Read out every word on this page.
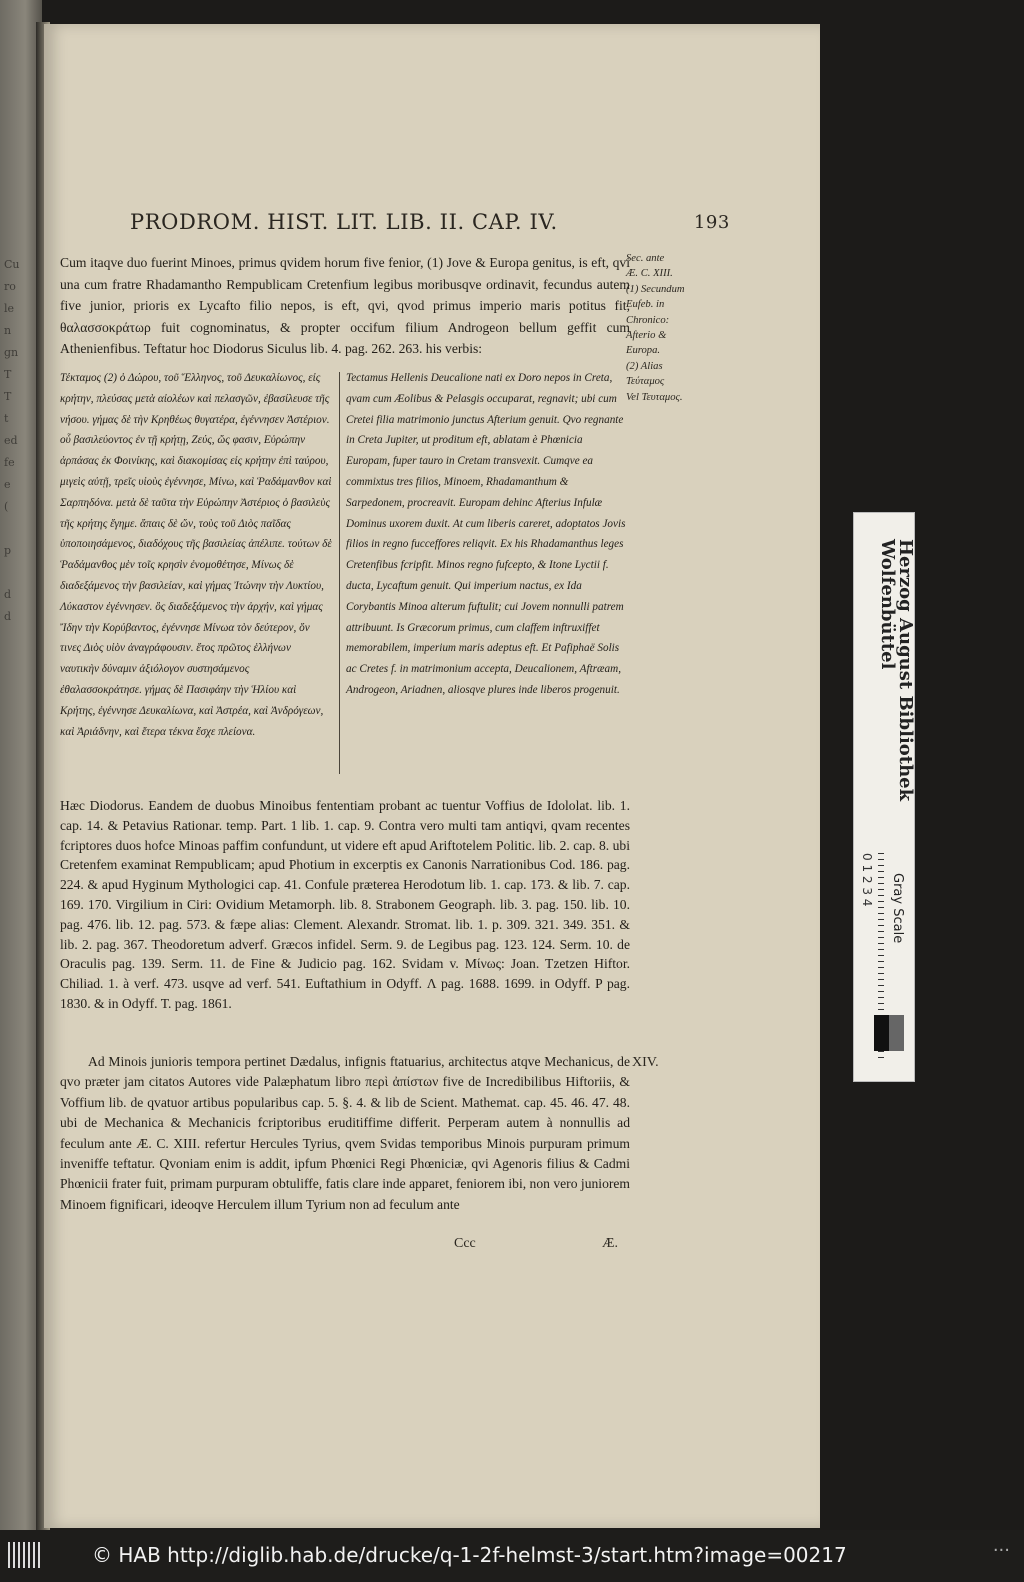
Cu
ro
le
n
gn
T
T
t
ed
fe
e
(
p
d
d
PRODROM. HIST. LIT. LIB. II. CAP. IV.	193
Cum itaqve duo fuerint Minoes, primus qvidem horum five fenior, (1) Jove & Europa genitus, is eft, qvi una cum fratre Rhadamantho Rempublicam Cretenfium legibus moribusqve ordinavit, fecundus autem five junior, prioris ex Lycafto filio nepos, is eft, qvi, qvod primus imperio maris potitus fit, θαλασσοκράτωρ fuit cognominatus, & propter occifum filium Androgeon bellum geffit cum Athenienfibus. Teftatur hoc Diodorus Siculus lib. 4. pag. 262. 263. his verbis:
Τέκταμος (2) ὁ Δώρου, τοῦ Ἕλληνος, τοῦ Δευκαλίωνος, εἰς κρήτην, πλεύσας μετὰ αἰολέων καὶ πελασγῶν, ἐβασίλευσε τῆς νήσου. γήμας δὲ τὴν Κρηθέως θυγατέρα, ἐγέννησεν Ἀστέριον. οὗ βασιλεύοντος ἐν τῇ κρήτῃ, Ζεύς, ὥς φασιν, Εὐρώπην ἁρπάσας ἐκ Φοινίκης, καὶ διακομίσας εἰς κρήτην ἐπὶ ταύρου, μιγεὶς αὐτῇ, τρεῖς υἱοὺς ἐγέννησε, Μίνω, καὶ Ῥαδάμανθον καὶ Σαρπηδόνα. μετὰ δὲ ταῦτα τὴν Εὐρώπην Ἀστέριος ὁ βασιλεὺς τῆς κρήτης ἔγημε. ἄπαις δὲ ὤν, τοὺς τοῦ Διὸς παῖδας ὑποποιησάμενος, διαδόχους τῆς βασιλείας ἀπέλιπε. τούτων δὲ Ῥαδάμανθος μὲν τοῖς κρησὶν ἐνομοθέτησε, Μίνως δὲ διαδεξάμενος τὴν βασιλείαν, καὶ γήμας Ἰτώνην τὴν Λυκτίου, Λύκαστον ἐγέννησεν. ὃς διαδεξάμενος τὴν ἀρχήν, καὶ γήμας Ἴδην τὴν Κορύβαντος, ἐγέννησε Μίνωα τὸν δεύτερον, ὅν τινες Διὸς υἱὸν ἀναγράφουσιν. ἔτος πρῶτος ἑλλήνων ναυτικὴν δύναμιν ἀξιόλογον συστησάμενος ἐθαλασσοκράτησε. γήμας δὲ Πασιφάην τὴν Ἡλίου καὶ Κρήτης, ἐγέννησε Δευκαλίωνα, καὶ Ἀστρέα, καὶ Ἀνδρόγεων, καὶ Ἀριάδνην, καὶ ἕτερα τέκνα ἔσχε πλείονα.
Tectamus Hellenis Deucalione nati ex Doro nepos in Creta, qvam cum Æolibus & Pelasgis occuparat, regnavit; ubi cum Cretei filia matrimonio junctus Afterium genuit. Qvo regnante in Creta Jupiter, ut proditum eft, ablatam è Phœnicia Europam, fuper tauro in Cretam transvexit. Cumqve ea commixtus tres filios, Minoem, Rhadamanthum & Sarpedonem, procreavit. Europam dehinc Afterius Infulæ Dominus uxorem duxit. At cum liberis careret, adoptatos Jovis filios in regno fucceffores reliqvit. Ex his Rhadamanthus leges Cretenfibus fcripfit. Minos regno fufcepto, & Itone Lyctii f. ducta, Lycaftum genuit. Qui imperium nactus, ex Ida Corybantis Minoa alterum fuftulit; cui Jovem nonnulli patrem attribuunt. Is Græcorum primus, cum claffem inftruxiffet memorabilem, imperium maris adeptus eft. Et Pafiphaë Solis ac Cretes f. in matrimonium accepta, Deucalionem, Aftræam, Androgeon, Ariadnen, aliosqve plures inde liberos progenuit.
Hæc Diodorus. Eandem de duobus Minoibus fententiam probant ac tuentur Voffius de Idololat. lib. 1. cap. 14. & Petavius Rationar. temp. Part. 1 lib. 1. cap. 9. Contra vero multi tam antiqvi, qvam recentes fcriptores duos hofce Minoas paffim confundunt, ut videre eft apud Ariftotelem Politic. lib. 2. cap. 8. ubi Cretenfem examinat Rempublicam; apud Photium in excerptis ex Canonis Narrationibus Cod. 186. pag. 224. & apud Hyginum Mythologici cap. 41. Confule præterea Herodotum lib. 1. cap. 173. & lib. 7. cap. 169. 170. Virgilium in Ciri: Ovidium Metamorph. lib. 8. Strabonem Geograph. lib. 3. pag. 150. lib. 10. pag. 476. lib. 12. pag. 573. & fæpe alias: Clement. Alexandr. Stromat. lib. 1. p. 309. 321. 349. 351. & lib. 2. pag. 367. Theodoretum adverf. Græcos infidel. Serm. 9. de Legibus pag. 123. 124. Serm. 10. de Oraculis pag. 139. Serm. 11. de Fine & Judicio pag. 162. Svidam v. Μίνως: Joan. Tzetzen Hiftor. Chiliad. 1. à verf. 473. usqve ad verf. 541. Euftathium in Odyff. Λ pag. 1688. 1699. in Odyff. P pag. 1830. & in Odyff. T. pag. 1861.
Ad Minois junioris tempora pertinet Dædalus, infignis ftatuarius, architectus atqve Mechanicus, de qvo præter jam citatos Autores vide Palæphatum libro περὶ ἀπίστων five de Incredibilibus Hiftoriis, & Voffium lib. de qvatuor artibus popularibus cap. 5. §. 4. & lib de Scient. Mathemat. cap. 45. 46. 47. 48. ubi de Mechanica & Mechanicis fcriptoribus eruditiffime differit. Perperam autem à nonnullis ad feculum ante Æ. C. XIII. refertur Hercules Tyrius, qvem Svidas temporibus Minois purpuram primum inveniffe teftatur. Qvoniam enim is addit, ipfum Phœnici Regi Phœniciæ, qvi Agenoris filius & Cadmi Phœnicii frater fuit, primam purpuram obtuliffe, fatis clare inde apparet, feniorem ibi, non vero juniorem Minoem fignificari, ideoqve Herculem illum Tyrium non ad feculum ante
Sec. ante
Æ. C. XIII.
(1) Secundum
Eufeb. in
Chronico:
Afterio &
Europa.
(2) Alias
Τεύταμος
Vel Τευταμος.
XIV.
Ccc	Æ.
Herzog August Bibliothek Wolfenbüttel
0 1 2 3 4 Gray Scale
© HAB http://diglib.hab.de/drucke/q-1-2f-helmst-3/start.htm?image=00217	···
